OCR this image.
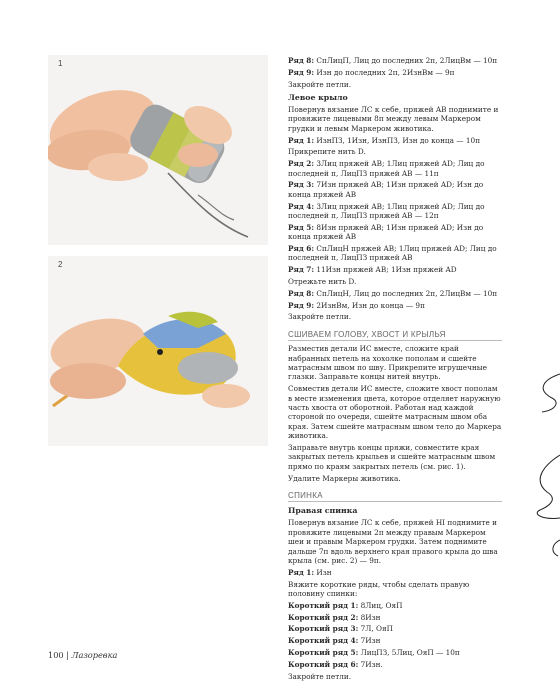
1
2

Ряд 8: СпЛицП, Лиц до последних 2п, 2ЛицВм — 10п

Ряд 9: Изн до последних 2п, 2ИзнВм — 9п

Закройте петли.

Левое крыло

Повернув вязание ЛС к себе, пряжей AB поднимите и провяжите лицевыми 8п между левым Маркером грудки и левым Маркером животика.

Ряд 1: ИзнПЗ, 1Изн, ИзнПЗ, Изн до конца — 10п

Прикрепите нить D.

Ряд 2: 3Лиц пряжей AB; 1Лиц пряжей AD; Лиц до последней п, ЛицПЗ пряжей AB — 11п

Ряд 3: 7Изн пряжей AB; 1Изн пряжей AD; Изн до конца пряжей AB

Ряд 4: 3Лиц пряжей AB; 1Лиц пряжей AD; Лиц до последней п, ЛицПЗ пряжей AB — 12п

Ряд 5: 8Изн пряжей AB; 1Изн пряжей AD; Изн до конца пряжей AB

Ряд 6: СпЛицН пряжей AB; 1Лиц пряжей AD; Лиц до последней п, ЛицПЗ пряжей AB

Ряд 7: 11Изн пряжей AB; 1Изн пряжей AD

Отрежьте нить D.

Ряд 8: СпЛицН, Лиц до последних 2п, 2ЛицВм — 10п

Ряд 9: 2ИзнВм, Изн до конца — 9п

Закройте петли.

СШИВАЕМ ГОЛОВУ, ХВОСТ И КРЫЛЬЯ

Разместив детали ИС вместе, сложите край набранных петель на хохолке пополам и сшейте матрасным швом по шву. Прикрепите игрушечные глазки. Заправьте концы нитей внутрь.

Совместив детали ИС вместе, сложите хвост пополам в месте изменения цвета, которое отделяет наружную часть хвоста от оборотной. Работая над каждой стороной по очереди, сшейте матрасным швом оба края. Затем сшейте матрасным швом тело до Маркера животика.

Заправьте внутрь концы пряжи, совместите края закрытых петель крыльев и сшейте матрасным швом прямо по краям закрытых петель (см. рис. 1).

Удалите Маркеры животика.

СПИНКА
Правая спинка

Повернув вязание ЛС к себе, пряжей HI поднимите и провяжите лицевыми 2п между правым Маркером шеи и правым Маркером грудки. Затем поднимите дальше 7п вдоль верхнего края правого крыла до шва крыла (см. рис. 2) — 9п.

Ряд 1: Изн

Вяжите короткие ряды, чтобы сделать правую половину спинки:

Короткий ряд 1: 8Лиц, ОяП

Короткий ряд 2: 8Изн

Короткий ряд 3: 7Л, ОяП

Короткий ряд 4: 7Изн

Короткий ряд 5: ЛицПЗ, 5Лиц, ОяП — 10п

Короткий ряд 6: 7Изн.

Закройте петли.

100 | Лазоревка
